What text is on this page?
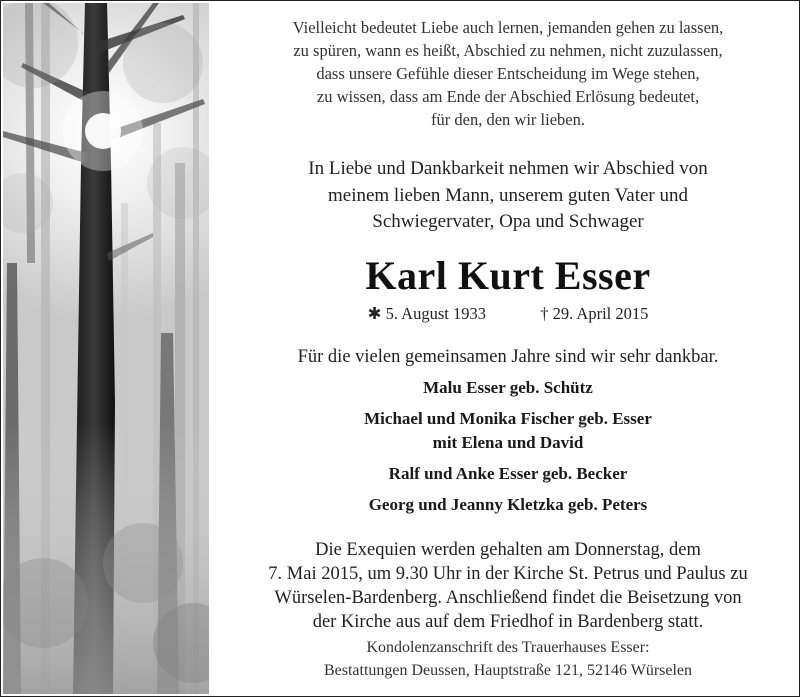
Vielleicht bedeutet Liebe auch lernen, jemanden gehen zu lassen,
zu spüren, wann es heißt, Abschied zu nehmen, nicht zuzulassen,
dass unsere Gefühle dieser Entscheidung im Wege stehen,
zu wissen, dass am Ende der Abschied Erlösung bedeutet,
für den, den wir lieben.
In Liebe und Dankbarkeit nehmen wir Abschied von
meinem lieben Mann, unserem guten Vater und
Schwiegervater, Opa und Schwager
Karl Kurt Esser
✱ 5. August 1933	† 29. April 2015
Für die vielen gemeinsamen Jahre sind wir sehr dankbar.
Malu Esser geb. Schütz
Michael und Monika Fischer geb. Esser
mit Elena und David
Ralf und Anke Esser geb. Becker
Georg und Jeanny Kletzka geb. Peters
Die Exequien werden gehalten am Donnerstag, dem
7. Mai 2015, um 9.30 Uhr in der Kirche St. Petrus und Paulus zu
Würselen-Bardenberg. Anschließend findet die Beisetzung von
der Kirche aus auf dem Friedhof in Bardenberg statt.
Kondolenzanschrift des Trauerhauses Esser:
Bestattungen Deussen, Hauptstraße 121, 52146 Würselen
